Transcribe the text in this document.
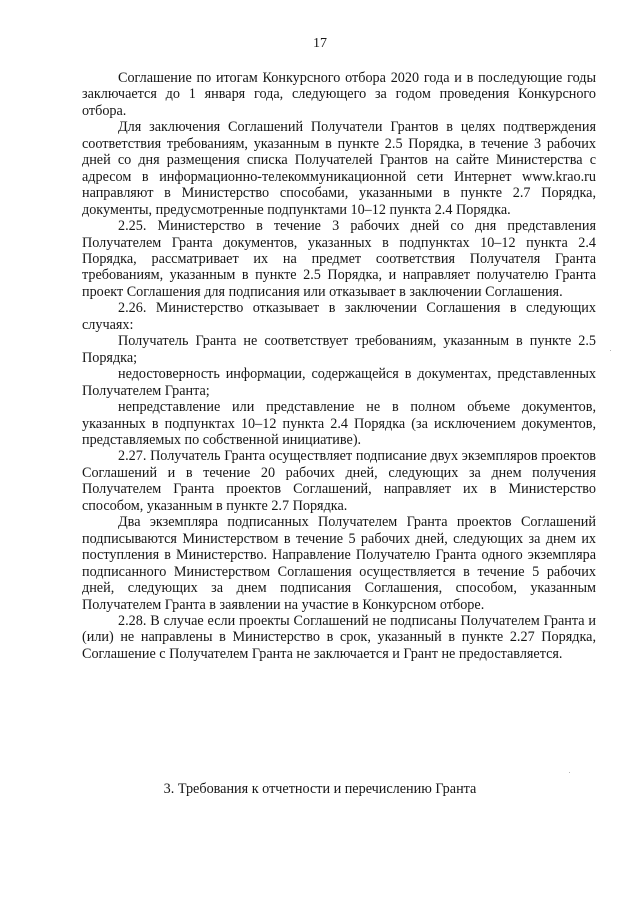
17

Соглашение по итогам Конкурсного отбора 2020 года и в последующие годы заключается до 1 января года, следующего за годом проведения Конкурсного отбора.

Для заключения Соглашений Получатели Грантов в целях подтверждения соответствия требованиям, указанным в пункте 2.5 Порядка, в течение 3 рабочих дней со дня размещения списка Получателей Грантов на сайте Министерства с адресом в информационно-телекоммуникационной сети Интернет www.krao.ru направляют в Министерство способами, указанными в пункте 2.7 Порядка, документы, предусмотренные подпунктами 10–12 пункта 2.4 Порядка.

2.25. Министерство в течение 3 рабочих дней со дня представления Получателем Гранта документов, указанных в подпунктах 10–12 пункта 2.4 Порядка, рассматривает их на предмет соответствия Получателя Гранта требованиям, указанным в пункте 2.5 Порядка, и направляет получателю Гранта проект Соглашения для подписания или отказывает в заключении Соглашения.

2.26. Министерство отказывает в заключении Соглашения в следующих случаях:

Получатель Гранта не соответствует требованиям, указанным в пункте 2.5 Порядка;

недостоверность информации, содержащейся в документах, представленных Получателем Гранта;

непредставление или представление не в полном объеме документов, указанных в подпунктах 10–12 пункта 2.4 Порядка (за исключением документов, представляемых по собственной инициативе).

2.27. Получатель Гранта осуществляет подписание двух экземпляров проектов Соглашений и в течение 20 рабочих дней, следующих за днем получения Получателем Гранта проектов Соглашений, направляет их в Министерство способом, указанным в пункте 2.7 Порядка.

Два экземпляра подписанных Получателем Гранта проектов Соглашений подписываются Министерством в течение 5 рабочих дней, следующих за днем их поступления в Министерство. Направление Получателю Гранта одного экземпляра подписанного Министерством Соглашения осуществляется в течение 5 рабочих дней, следующих за днем подписания Соглашения, способом, указанным Получателем Гранта в заявлении на участие в Конкурсном отборе.

2.28. В случае если проекты Соглашений не подписаны Получателем Гранта и (или) не направлены в Министерство в срок, указанный в пункте 2.27 Порядка, Соглашение с Получателем Гранта не заключается и Грант не предоставляется.

3. Требования к отчетности и перечислению Гранта
